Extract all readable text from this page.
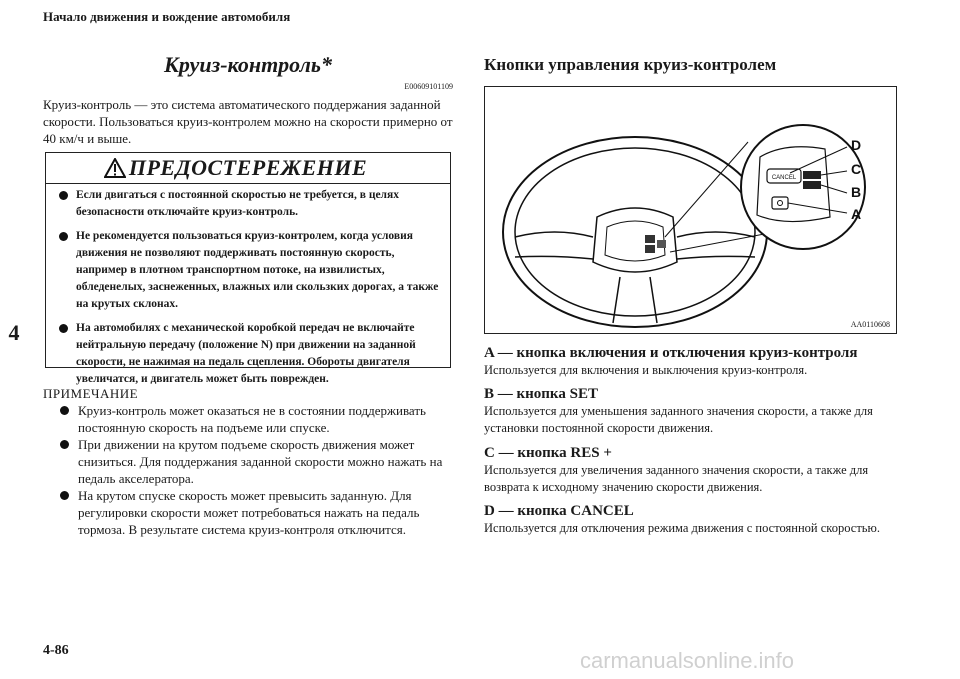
Начало движения и вождение автомобиля
4
Круиз-контроль*
E00609101109
Круиз-контроль — это система автоматического поддержания заданной скорости. Пользоваться круиз-контролем можно на скорости примерно от 40 км/ч и выше.
ПРЕДОСТЕРЕЖЕНИЕ
Если двигаться с постоянной скоростью не требуется, в целях безопасности отключайте круиз-контроль.
Не рекомендуется пользоваться круиз-контролем, когда условия движения не позволяют поддерживать постоянную скорость, например в плотном транспортном потоке, на извилистых, обледенелых, заснеженных, влажных или скользких дорогах, а также на крутых склонах.
На автомобилях с механической коробкой передач не включайте нейтральную передачу (положение N) при движении на заданной скорости, не нажимая на педаль сцепления. Обороты двигателя увеличатся, и двигатель может быть поврежден.
ПРИМЕЧАНИЕ
Круиз-контроль может оказаться не в состоянии поддерживать постоянную скорость на подъеме или спуске.
При движении на крутом подъеме скорость движения может снизиться. Для поддержания заданной скорости можно нажать на педаль акселератора.
На крутом спуске скорость может превысить заданную. Для регулировки скорости может потребоваться нажать на педаль тормоза. В результате система круиз-контроля отключится.
Кнопки управления круиз-контролем
CANCEL
D
C
B
A
AA0110608
A — кнопка включения и отключения круиз-контроля
Используется для включения и выключения круиз-контроля.
B — кнопка SET
Используется для уменьшения заданного значения скорости, а также для установки постоянной скорости движения.
C — кнопка RES +
Используется для увеличения заданного значения скорости, а также для возврата к исходному значению скорости движения.
D — кнопка CANCEL
Используется для отключения режима движения с постоянной скоростью.
4-86	carmanualsonline.info
